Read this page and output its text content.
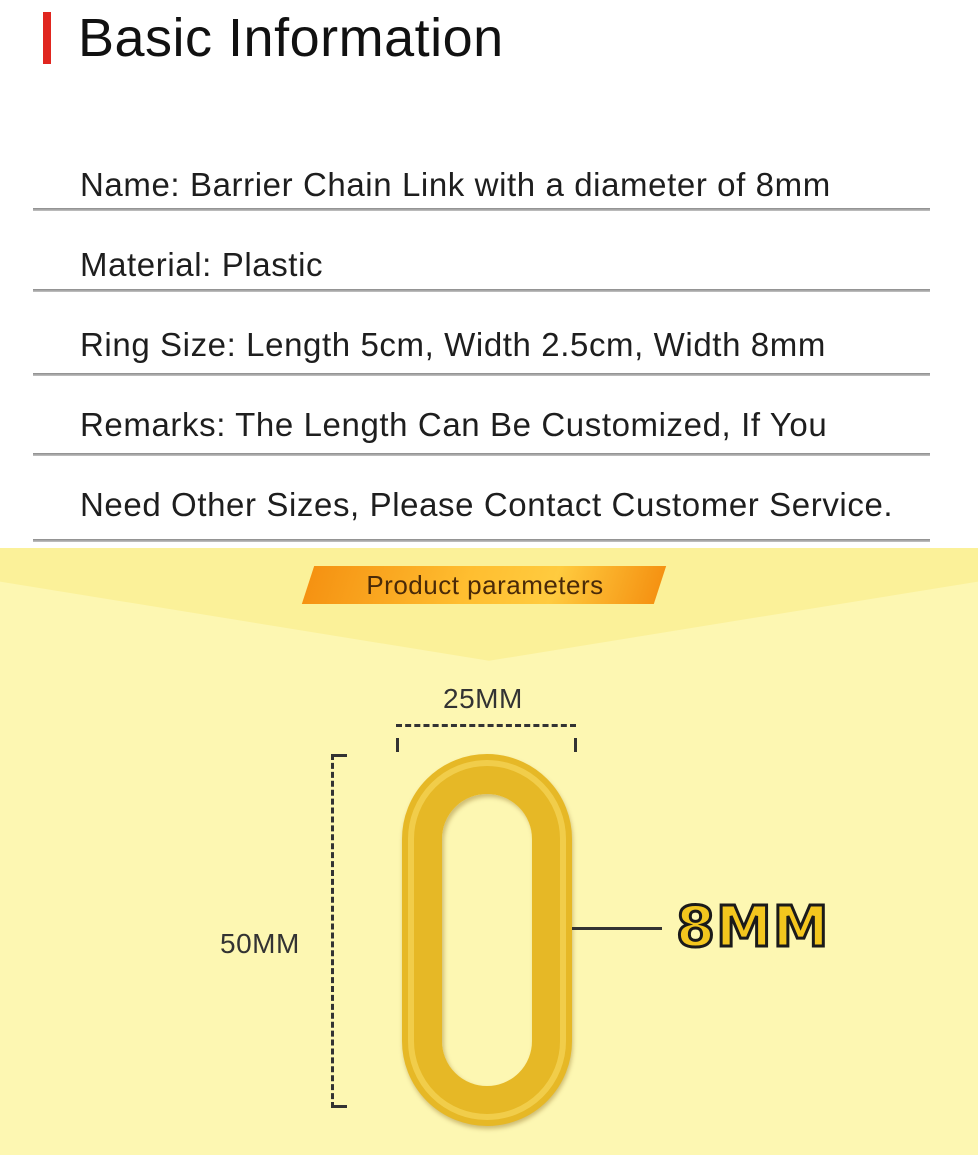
Basic Information
Name: Barrier Chain Link with a diameter of 8mm
Material: Plastic
Ring Size: Length 5cm, Width 2.5cm, Width 8mm
Remarks: The Length Can Be Customized, If You
Need Other Sizes, Please Contact Customer Service.
Product parameters
25MM
50MM	8MM
